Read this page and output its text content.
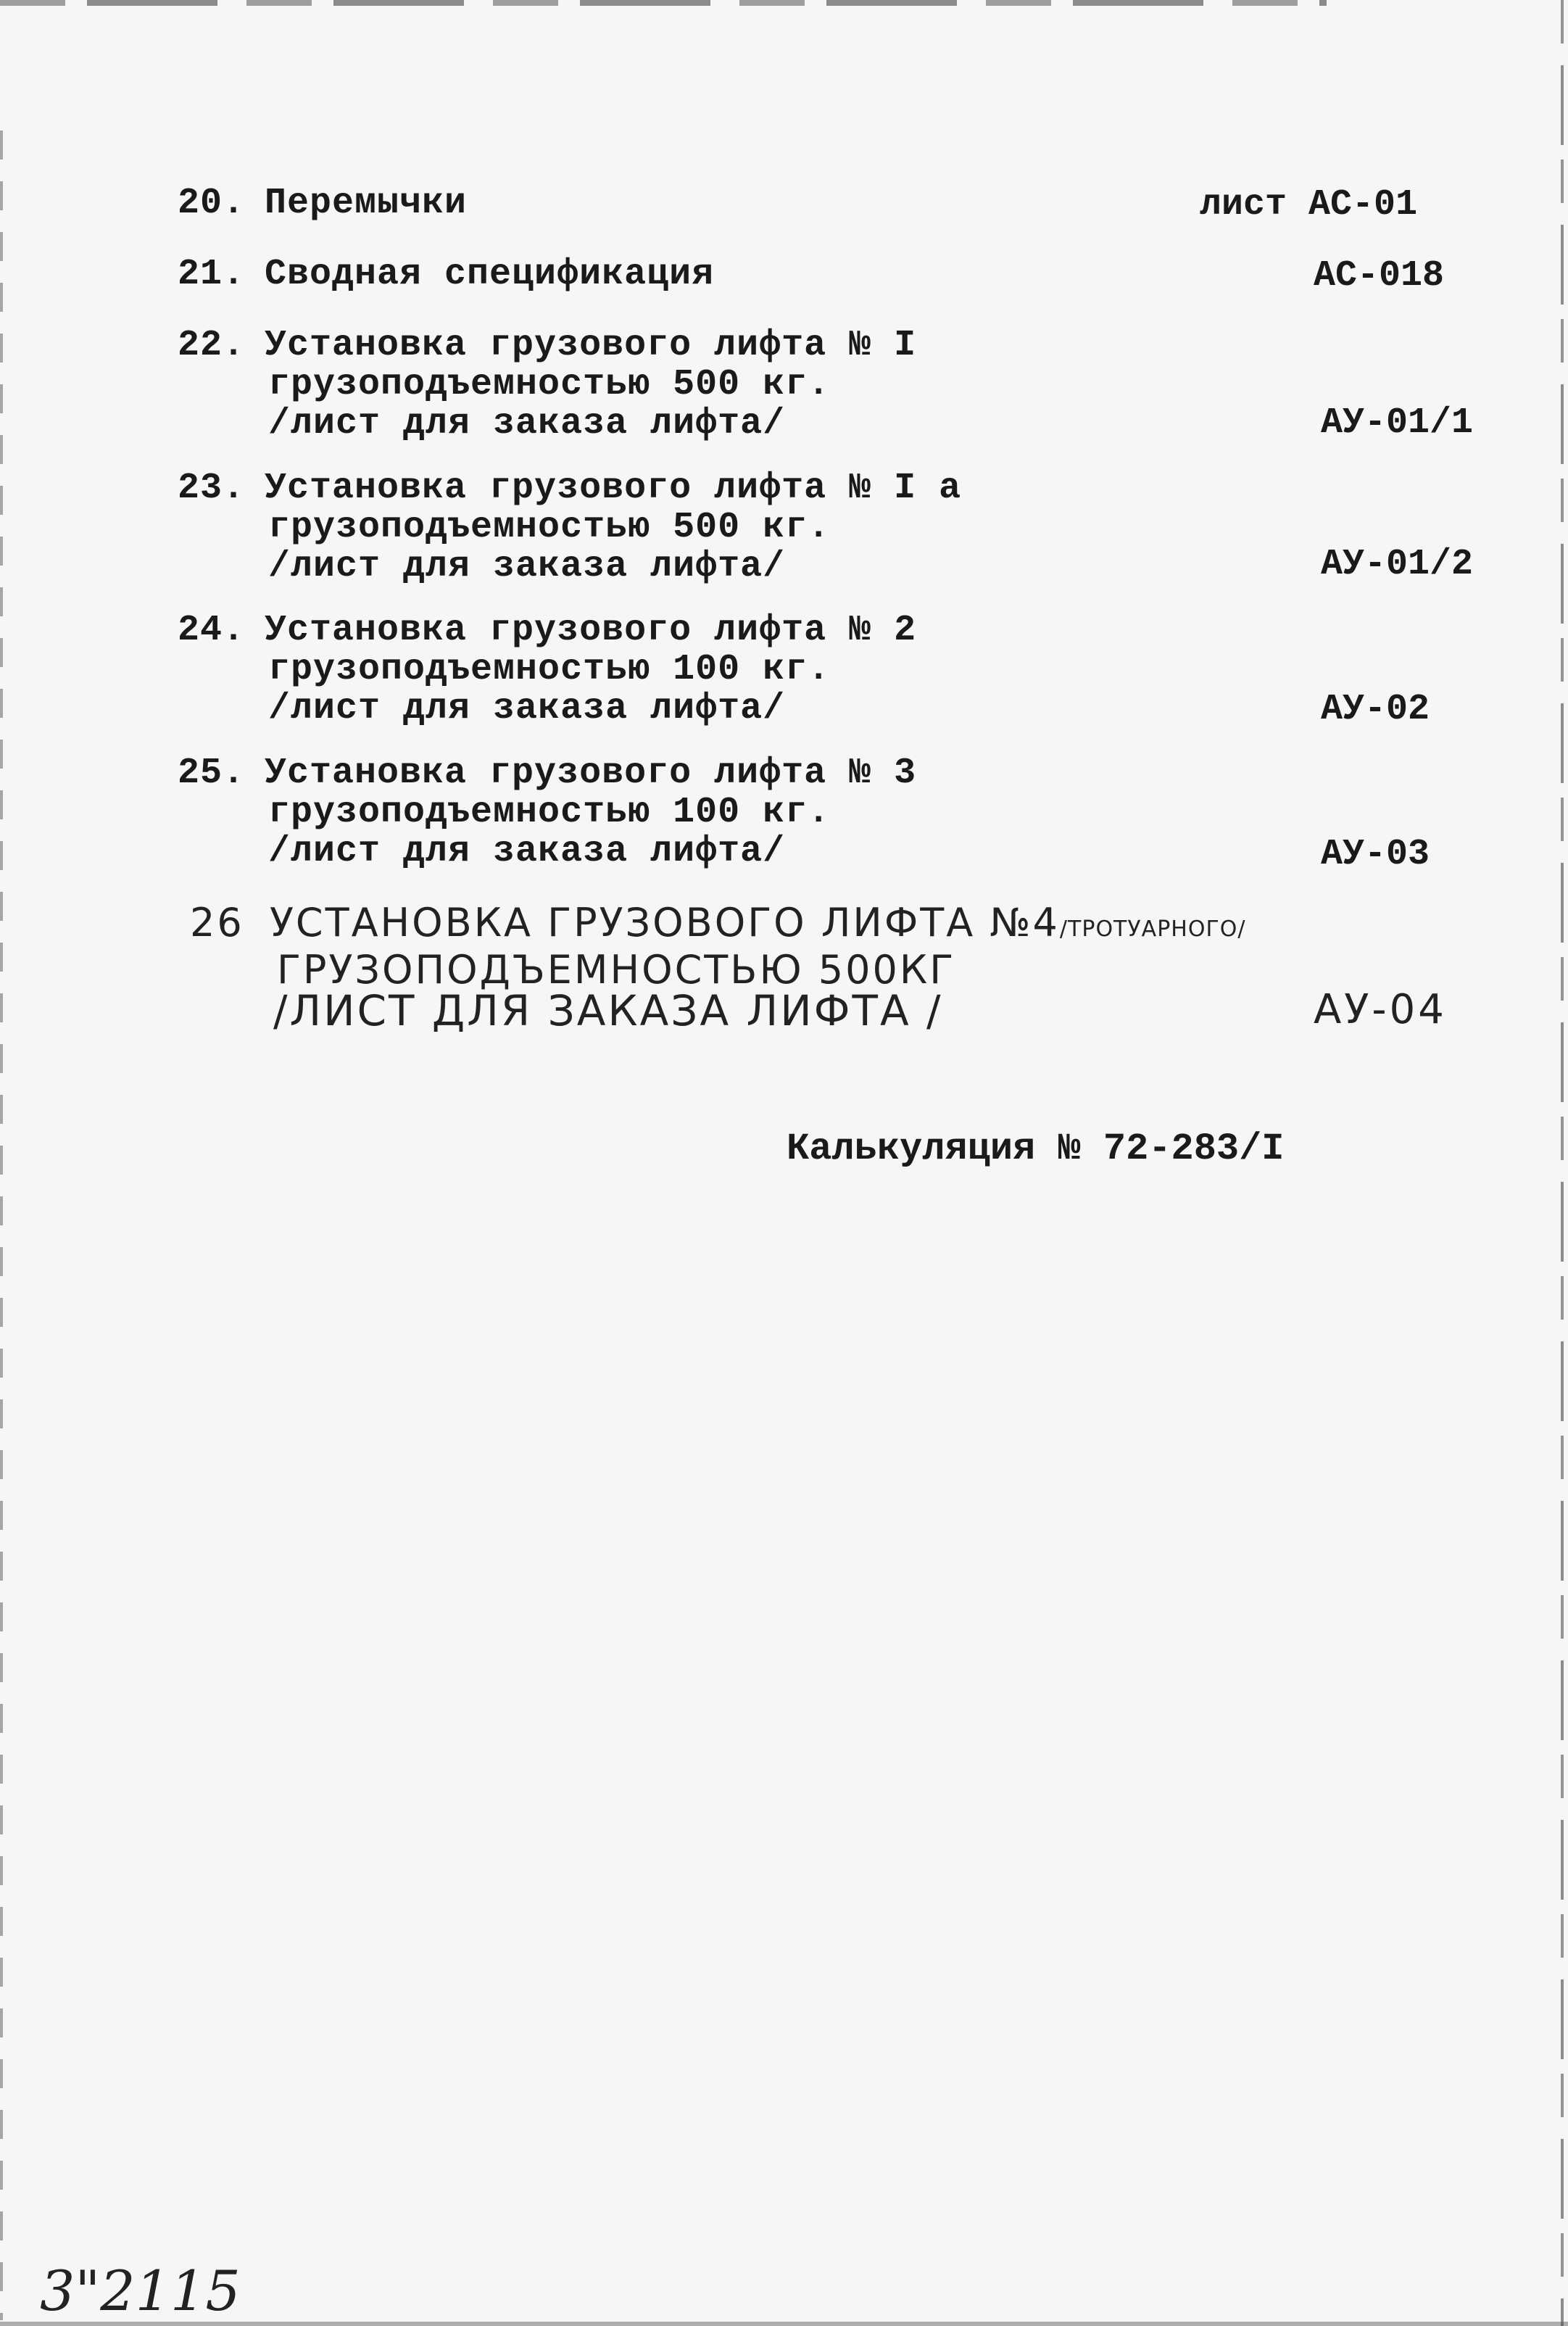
20. Перемычки	лист АС-01
21. Сводная спецификация	АС-018
22. Установка грузового лифта № I
грузоподъемностью 500 кг.
/лист для заказа лифта/	АУ-01/1
23. Установка грузового лифта № I а
грузоподъемностью 500 кг.
/лист для заказа лифта/	АУ-01/2
24. Установка грузового лифта № 2
грузоподъемностью 100 кг.
/лист для заказа лифта/	АУ-02
25. Установка грузового лифта № 3
грузоподъемностью 100 кг.
/лист для заказа лифта/	АУ-03
26 УСТАНОВКА ГРУЗОВОГО ЛИФТА №4/ТРОТУАРНОГО/
ГРУЗОПОДЪЕМНОСТЬЮ 500КГ
/ЛИСТ ДЛЯ ЗАКАЗА ЛИФТА /	АУ-04
Калькуляция № 72-283/I
3"2115
